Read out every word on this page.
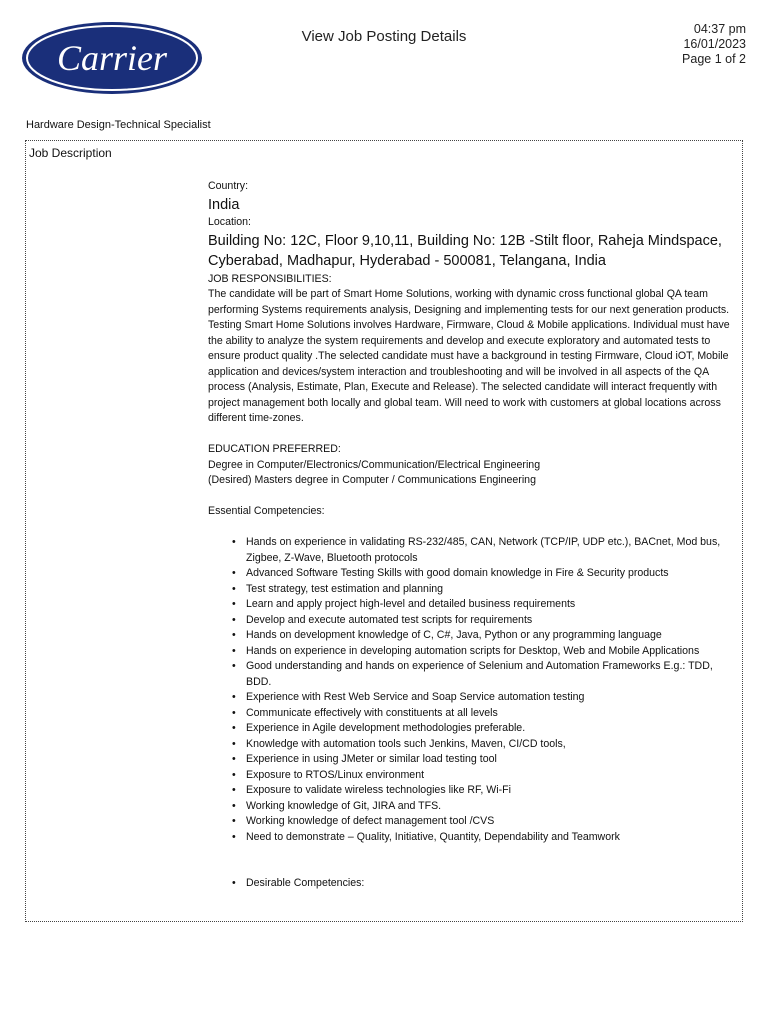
Carrier
View Job Posting Details	04:37 pm
16/01/2023
Page 1 of 2
Hardware Design-Technical Specialist
Job Description

Country:

India

Location:

Building No: 12C, Floor 9,10,11, Building No: 12B -Stilt floor, Raheja Mindspace, Cyberabad, Madhapur, Hyderabad - 500081, Telangana, India

JOB RESPONSIBILITIES:

The candidate will be part of Smart Home Solutions, working with dynamic cross functional global QA team performing Systems requirements analysis, Designing and implementing tests for our next generation products.

Testing Smart Home Solutions involves Hardware, Firmware, Cloud & Mobile applications. Individual must have the ability to analyze the system requirements and develop and execute exploratory and automated tests to ensure product quality .The selected candidate must have a background in testing Firmware, Cloud iOT, Mobile application and devices/system interaction and troubleshooting and will be involved in all aspects of the QA process (Analysis, Estimate, Plan, Execute and Release). The selected candidate will interact frequently with project management both locally and global team. Will need to work with customers at global locations across different time-zones.

EDUCATION PREFERRED:

Degree in Computer/Electronics/Communication/Electrical Engineering

(Desired) Masters degree in Computer / Communications Engineering

Essential Competencies:

• Hands on experience in validating RS-232/485, CAN, Network (TCP/IP, UDP etc.), BACnet, Mod bus, Zigbee, Z-Wave, Bluetooth protocols
• Advanced Software Testing Skills with good domain knowledge in Fire & Security products
• Test strategy, test estimation and planning
• Learn and apply project high-level and detailed business requirements
• Develop and execute automated test scripts for requirements
• Hands on development knowledge of C, C#, Java, Python or any programming language
• Hands on experience in developing automation scripts for Desktop, Web and Mobile Applications
• Good understanding and hands on experience of Selenium and Automation Frameworks E.g.: TDD, BDD.
• Experience with Rest Web Service and Soap Service automation testing
• Communicate effectively with constituents at all levels
• Experience in Agile development methodologies preferable.
• Knowledge with automation tools such Jenkins, Maven, CI/CD tools,
• Experience in using JMeter or similar load testing tool
• Exposure to RTOS/Linux environment
• Exposure to validate wireless technologies like RF, Wi-Fi
• Working knowledge of Git, JIRA and TFS.
• Working knowledge of defect management tool /CVS
• Need to demonstrate – Quality, Initiative, Quantity, Dependability and Teamwork
• Desirable Competencies:
